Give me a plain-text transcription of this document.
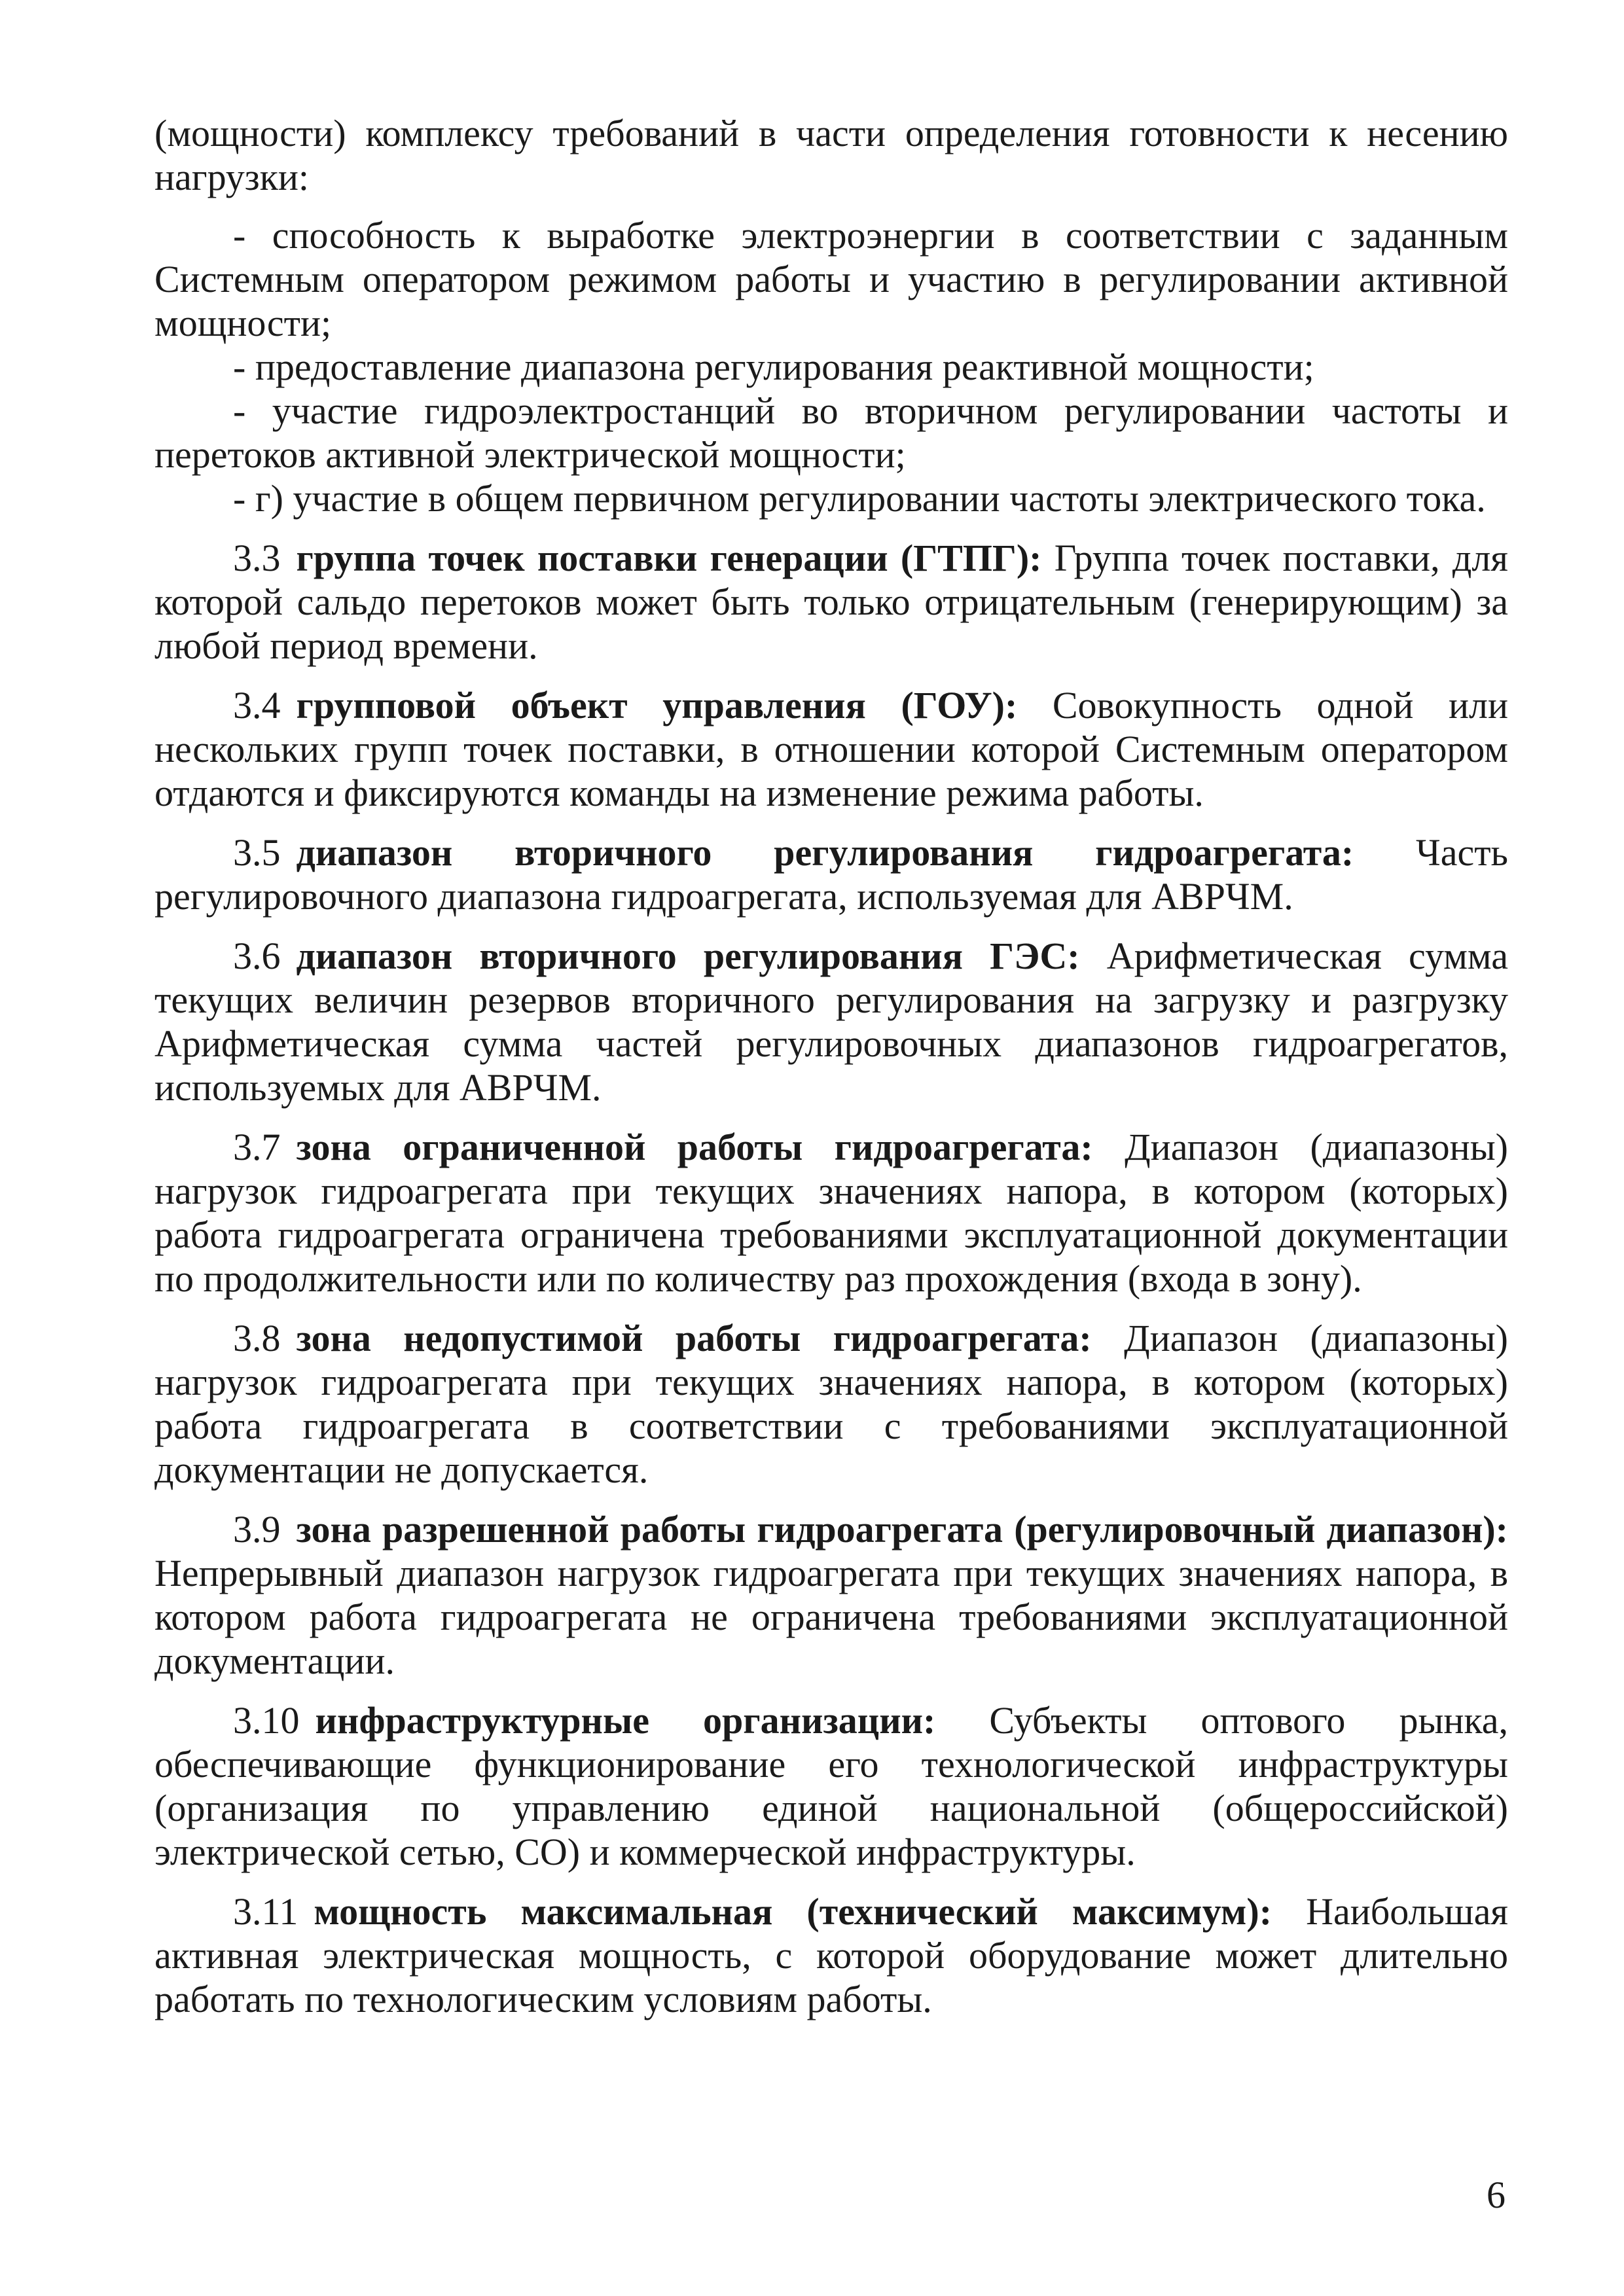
(мощности) комплексу требований в части определения готовности к несению нагрузки:

- способность к выработке электроэнергии в соответствии с заданным Системным оператором режимом работы и участию в регулировании активной мощности;

- предоставление диапазона регулирования реактивной мощности;

- участие гидроэлектростанций во вторичном регулировании частоты и перетоков активной электрической мощности;

- г) участие в общем первичном регулировании частоты электрического тока.

3.3 группа точек поставки генерации (ГТПГ): Группа точек поставки, для которой сальдо перетоков может быть только отрицательным (генерирующим) за любой период времени.

3.4 групповой объект управления (ГОУ): Совокупность одной или нескольких групп точек поставки, в отношении которой Системным оператором отдаются и фиксируются команды на изменение режима работы.

3.5 диапазон вторичного регулирования гидроагрегата: Часть регулировочного диапазона гидроагрегата, используемая для АВРЧМ.

3.6 диапазон вторичного регулирования ГЭС: Арифметическая сумма текущих величин резервов вторичного регулирования на загрузку и разгрузку Арифметическая сумма частей регулировочных диапазонов гидроагрегатов, используемых для АВРЧМ.

3.7 зона ограниченной работы гидроагрегата: Диапазон (диапазоны) нагрузок гидроагрегата при текущих значениях напора, в котором (которых) работа гидроагрегата ограничена требованиями эксплуатационной документации по продолжительности или по количеству раз прохождения (входа в зону).

3.8 зона недопустимой работы гидроагрегата: Диапазон (диапазоны) нагрузок гидроагрегата при текущих значениях напора, в котором (которых) работа гидроагрегата в соответствии с требованиями эксплуатационной документации не допускается.

3.9 зона разрешенной работы гидроагрегата (регулировочный диапазон): Непрерывный диапазон нагрузок гидроагрегата при текущих значениях напора, в котором работа гидроагрегата не ограничена требованиями эксплуатационной документации.

3.10 инфраструктурные организации: Субъекты оптового рынка, обеспечивающие функционирование его технологической инфраструктуры (организация по управлению единой национальной (общероссийской) электрической сетью, СО) и коммерческой инфраструктуры.

3.11 мощность максимальная (технический максимум): Наибольшая активная электрическая мощность, с которой оборудование может длительно работать по технологическим условиям работы.

6
